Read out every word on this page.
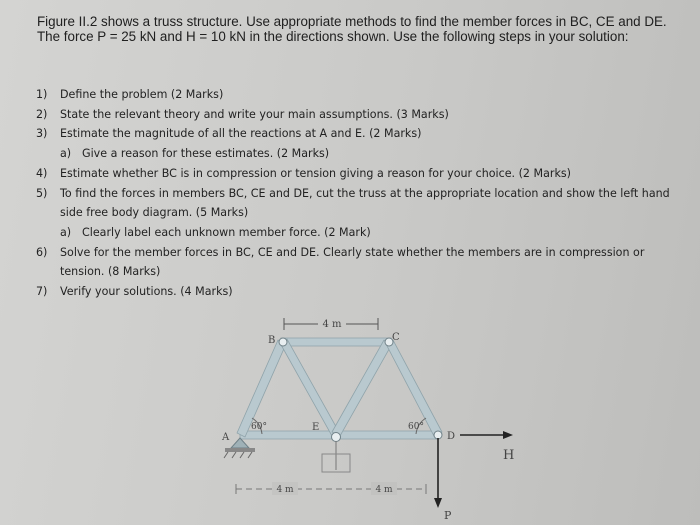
Figure II.2 shows a truss structure. Use appropriate methods to find the member forces in BC, CE and DE. The force P = 25 kN and H = 10 kN in the directions shown. Use the following steps in your solution:
1) Define the problem (2 Marks)
2) State the relevant theory and write your main assumptions. (3 Marks)
3) Estimate the magnitude of all the reactions at A and E. (2 Marks)
a) Give a reason for these estimates. (2 Marks)
4) Estimate whether BC is in compression or tension giving a reason for your choice. (2 Marks)
5) To find the forces in members BC, CE and DE, cut the truss at the appropriate location and show the left hand side free body diagram. (5 Marks)
a) Clearly label each unknown member force. (2 Mark)
6) Solve for the member forces in BC, CE and DE. Clearly state whether the members are in compression or tension. (8 Marks)
7) Verify your solutions. (4 Marks)
4 m
4 m	4 m
A
B	C
D
E
60°	60°
H
P
